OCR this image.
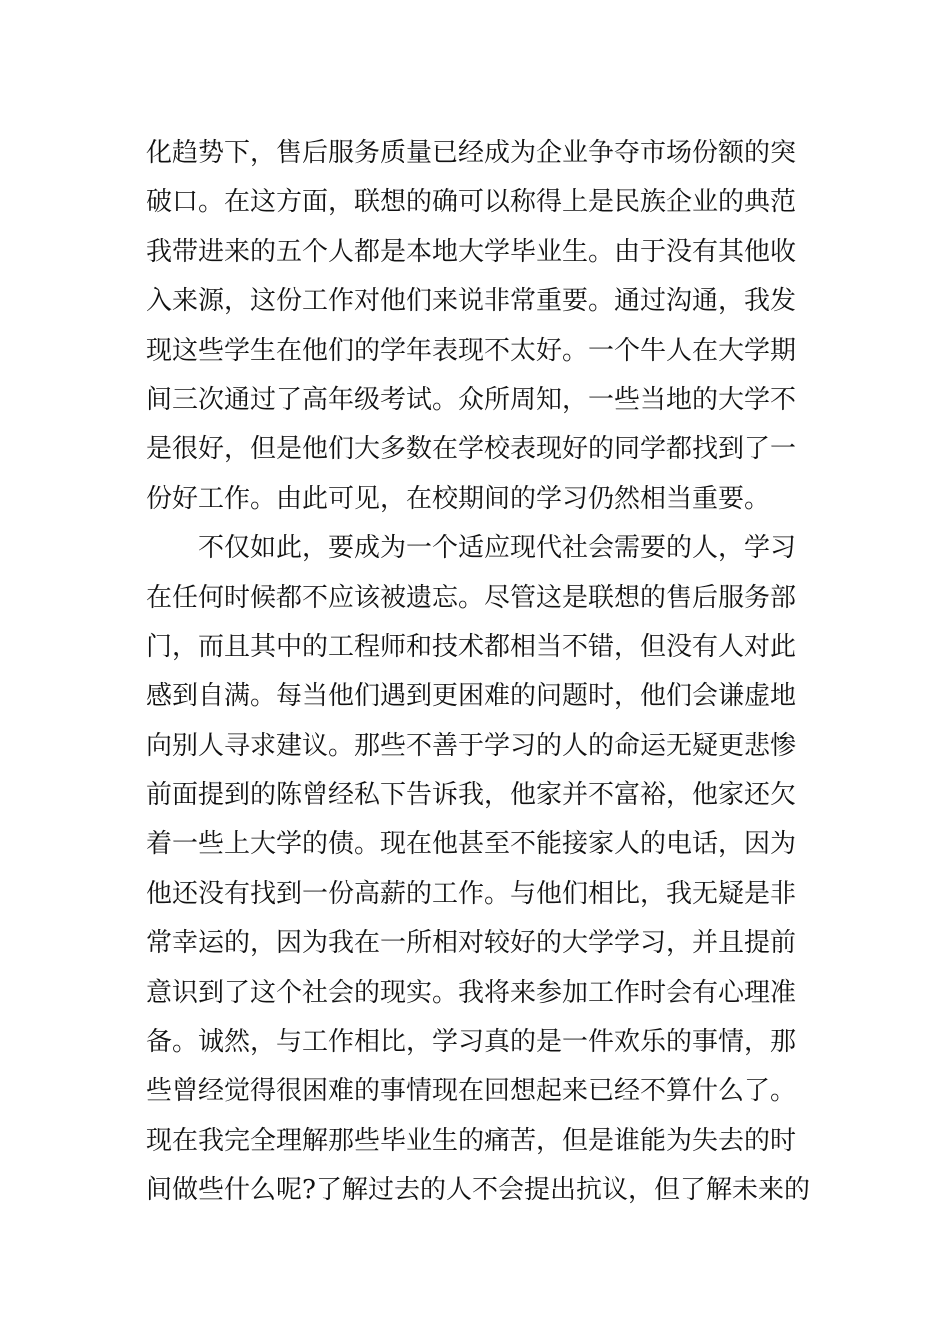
化趋势下，售后服务质量已经成为企业争夺市场份额的突
破口。在这方面，联想的确可以称得上是民族企业的典范
我带进来的五个人都是本地大学毕业生。由于没有其他收
入来源，这份工作对他们来说非常重要。通过沟通，我发
现这些学生在他们的学年表现不太好。一个牛人在大学期
间三次通过了高年级考试。众所周知，一些当地的大学不
是很好，但是他们大多数在学校表现好的同学都找到了一
份好工作。由此可见，在校期间的学习仍然相当重要。
　　不仅如此，要成为一个适应现代社会需要的人，学习
在任何时候都不应该被遗忘。尽管这是联想的售后服务部
门，而且其中的工程师和技术都相当不错，但没有人对此
感到自满。每当他们遇到更困难的问题时，他们会谦虚地
向别人寻求建议。那些不善于学习的人的命运无疑更悲惨
前面提到的陈曾经私下告诉我，他家并不富裕，他家还欠
着一些上大学的债。现在他甚至不能接家人的电话，因为
他还没有找到一份高薪的工作。与他们相比，我无疑是非
常幸运的，因为我在一所相对较好的大学学习，并且提前
意识到了这个社会的现实。我将来参加工作时会有心理准
备。诚然，与工作相比，学习真的是一件欢乐的事情，那
些曾经觉得很困难的事情现在回想起来已经不算什么了。
现在我完全理解那些毕业生的痛苦，但是谁能为失去的时
间做些什么呢?了解过去的人不会提出抗议，但了解未来的
